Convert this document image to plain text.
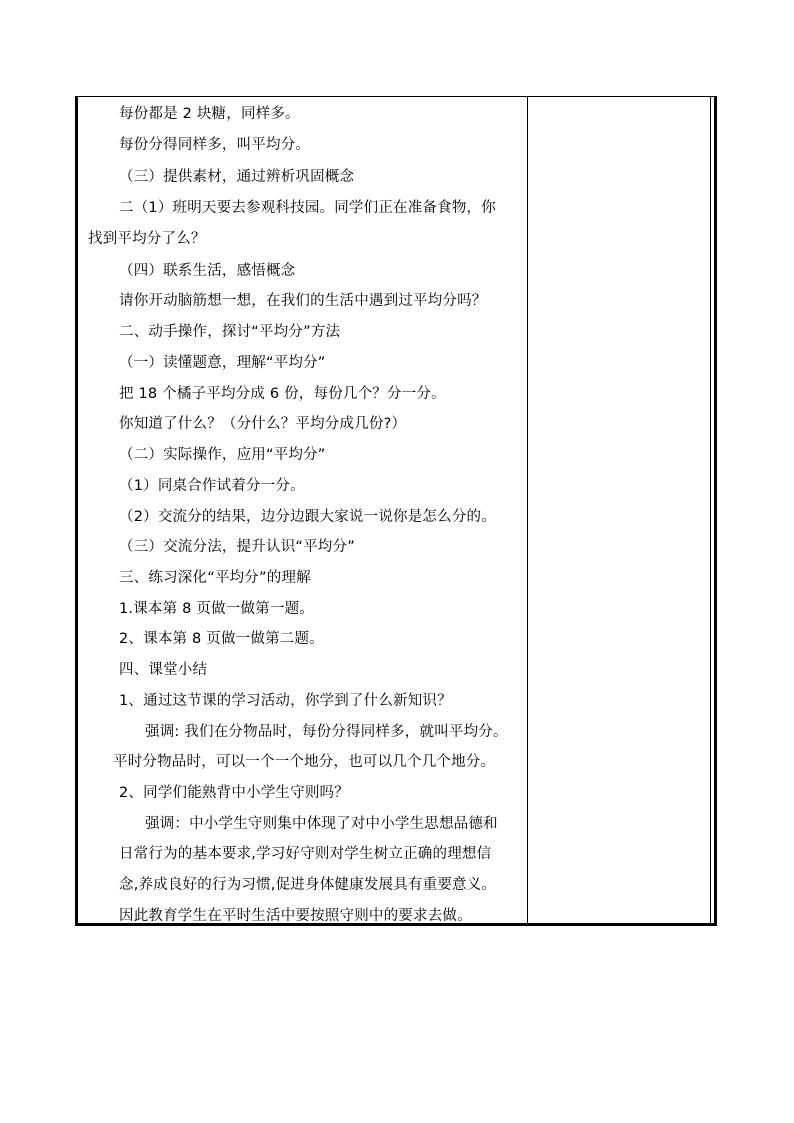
每份都是 2 块糖，同样多。
每份分得同样多，叫平均分。
（三）提供素材，通过辨析巩固概念
二（1）班明天要去参观科技园。同学们正在准备食物，你
找到平均分了么？
（四）联系生活，感悟概念
请你开动脑筋想一想，在我们的生活中遇到过平均分吗？
二、动手操作，探讨“平均分”方法
（一）读懂题意，理解“平均分”
把 18 个橘子平均分成 6 份，每份几个？分一分。
你知道了什么？（分什么？平均分成几份?）
（二）实际操作，应用“平均分”
（1）同桌合作试着分一分。
（2）交流分的结果，边分边跟大家说一说你是怎么分的。
（三）交流分法，提升认识“平均分”
三、练习深化“平均分”的理解
1.课本第 8 页做一做第一题。
2、课本第 8 页做一做第二题。
四、课堂小结
1、通过这节课的学习活动，你学到了什么新知识？
强调: 我们在分物品时，每份分得同样多，就叫平均分。
平时分物品时，可以一个一个地分，也可以几个几个地分。
2、同学们能熟背中小学生守则吗？
强调：中小学生守则集中体现了对中小学生思想品德和
日常行为的基本要求,学习好守则对学生树立正确的理想信
念,养成良好的行为习惯,促进身体健康发展具有重要意义。
因此教育学生在平时生活中要按照守则中的要求去做。
